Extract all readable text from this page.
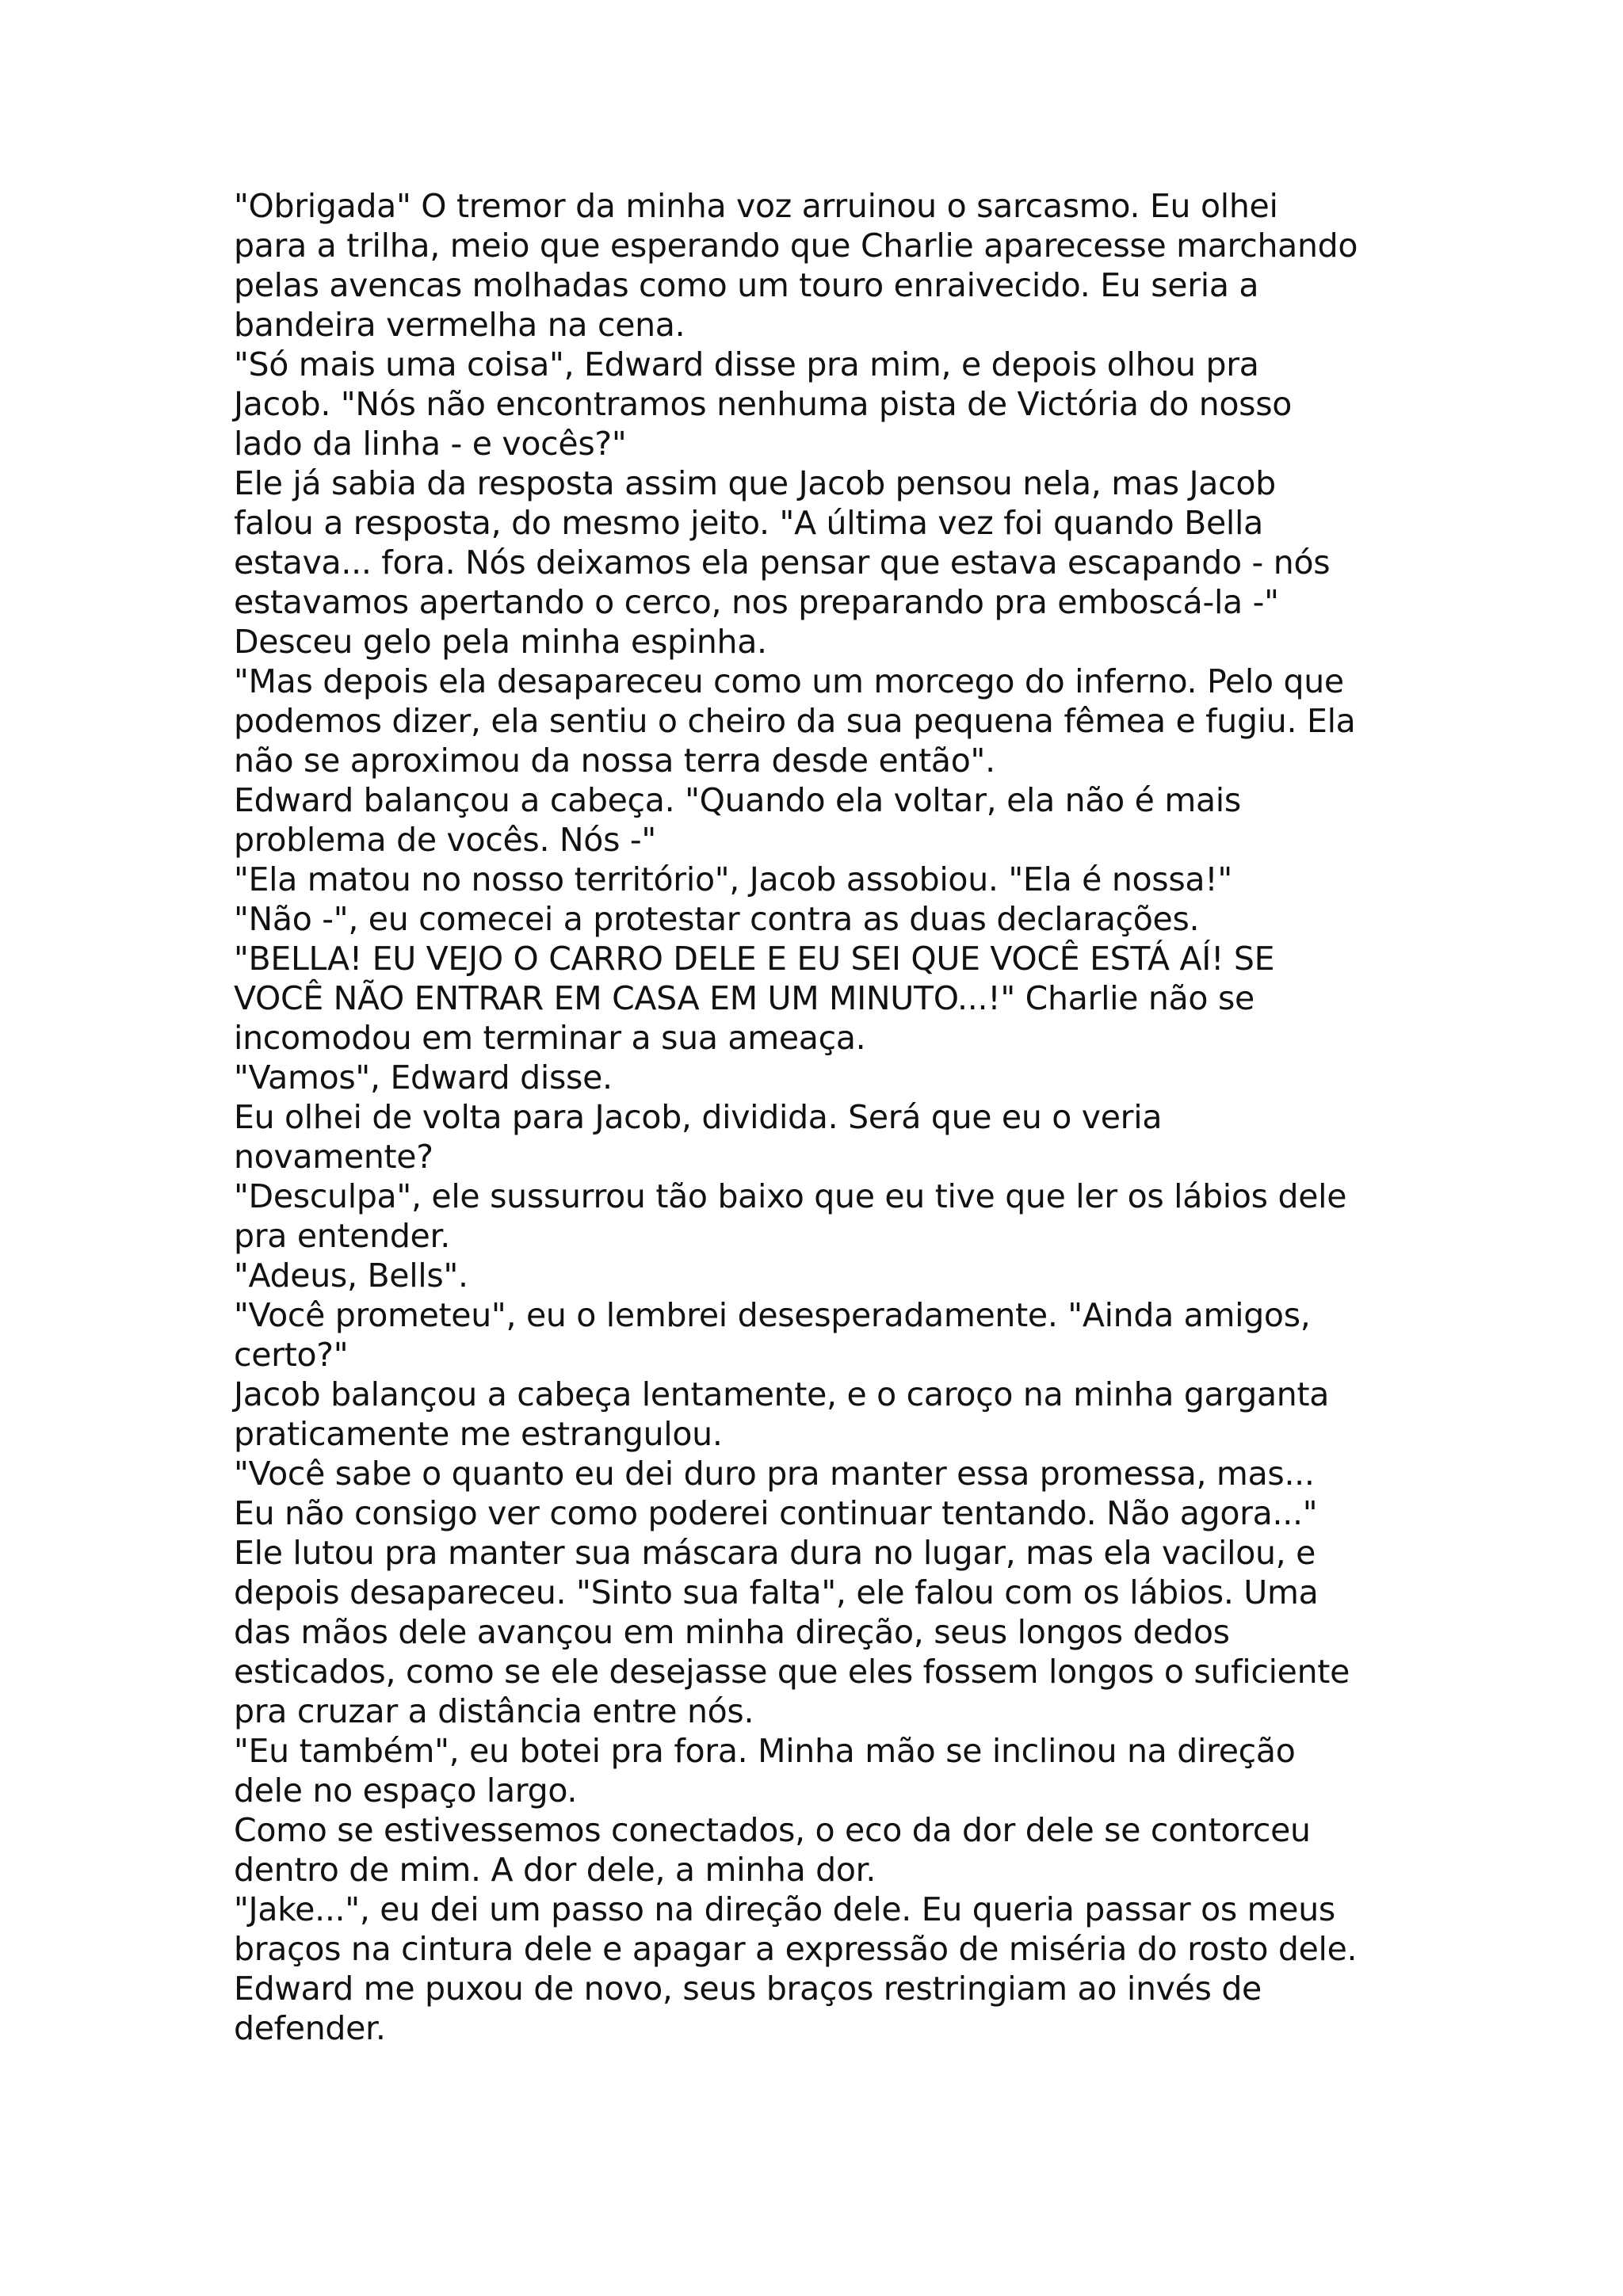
"Obrigada" O tremor da minha voz arruinou o sarcasmo. Eu olhei
para a trilha, meio que esperando que Charlie aparecesse marchando
pelas avencas molhadas como um touro enraivecido. Eu seria a
bandeira vermelha na cena.
"Só mais uma coisa", Edward disse pra mim, e depois olhou pra
Jacob. "Nós não encontramos nenhuma pista de Victória do nosso
lado da linha - e vocês?"
Ele já sabia da resposta assim que Jacob pensou nela, mas Jacob
falou a resposta, do mesmo jeito. "A última vez foi quando Bella
estava... fora. Nós deixamos ela pensar que estava escapando - nós
estavamos apertando o cerco, nos preparando pra emboscá-la -"
Desceu gelo pela minha espinha.
"Mas depois ela desapareceu como um morcego do inferno. Pelo que
podemos dizer, ela sentiu o cheiro da sua pequena fêmea e fugiu. Ela
não se aproximou da nossa terra desde então".
Edward balançou a cabeça. "Quando ela voltar, ela não é mais
problema de vocês. Nós -"
"Ela matou no nosso território", Jacob assobiou. "Ela é nossa!"
"Não -", eu comecei a protestar contra as duas declarações.
"BELLA! EU VEJO O CARRO DELE E EU SEI QUE VOCÊ ESTÁ AÍ! SE
VOCÊ NÃO ENTRAR EM CASA EM UM MINUTO...!" Charlie não se
incomodou em terminar a sua ameaça.
"Vamos", Edward disse.
Eu olhei de volta para Jacob, dividida. Será que eu o veria
novamente?
"Desculpa", ele sussurrou tão baixo que eu tive que ler os lábios dele
pra entender.
"Adeus, Bells".
"Você prometeu", eu o lembrei desesperadamente. "Ainda amigos,
certo?"
Jacob balançou a cabeça lentamente, e o caroço na minha garganta
praticamente me estrangulou.
"Você sabe o quanto eu dei duro pra manter essa promessa, mas...
Eu não consigo ver como poderei continuar tentando. Não agora..."
Ele lutou pra manter sua máscara dura no lugar, mas ela vacilou, e
depois desapareceu. "Sinto sua falta", ele falou com os lábios. Uma
das mãos dele avançou em minha direção, seus longos dedos
esticados, como se ele desejasse que eles fossem longos o suficiente
pra cruzar a distância entre nós.
"Eu também", eu botei pra fora. Minha mão se inclinou na direção
dele no espaço largo.
Como se estivessemos conectados, o eco da dor dele se contorceu
dentro de mim. A dor dele, a minha dor.
"Jake...", eu dei um passo na direção dele. Eu queria passar os meus
braços na cintura dele e apagar a expressão de miséria do rosto dele.
Edward me puxou de novo, seus braços restringiam ao invés de
defender.
